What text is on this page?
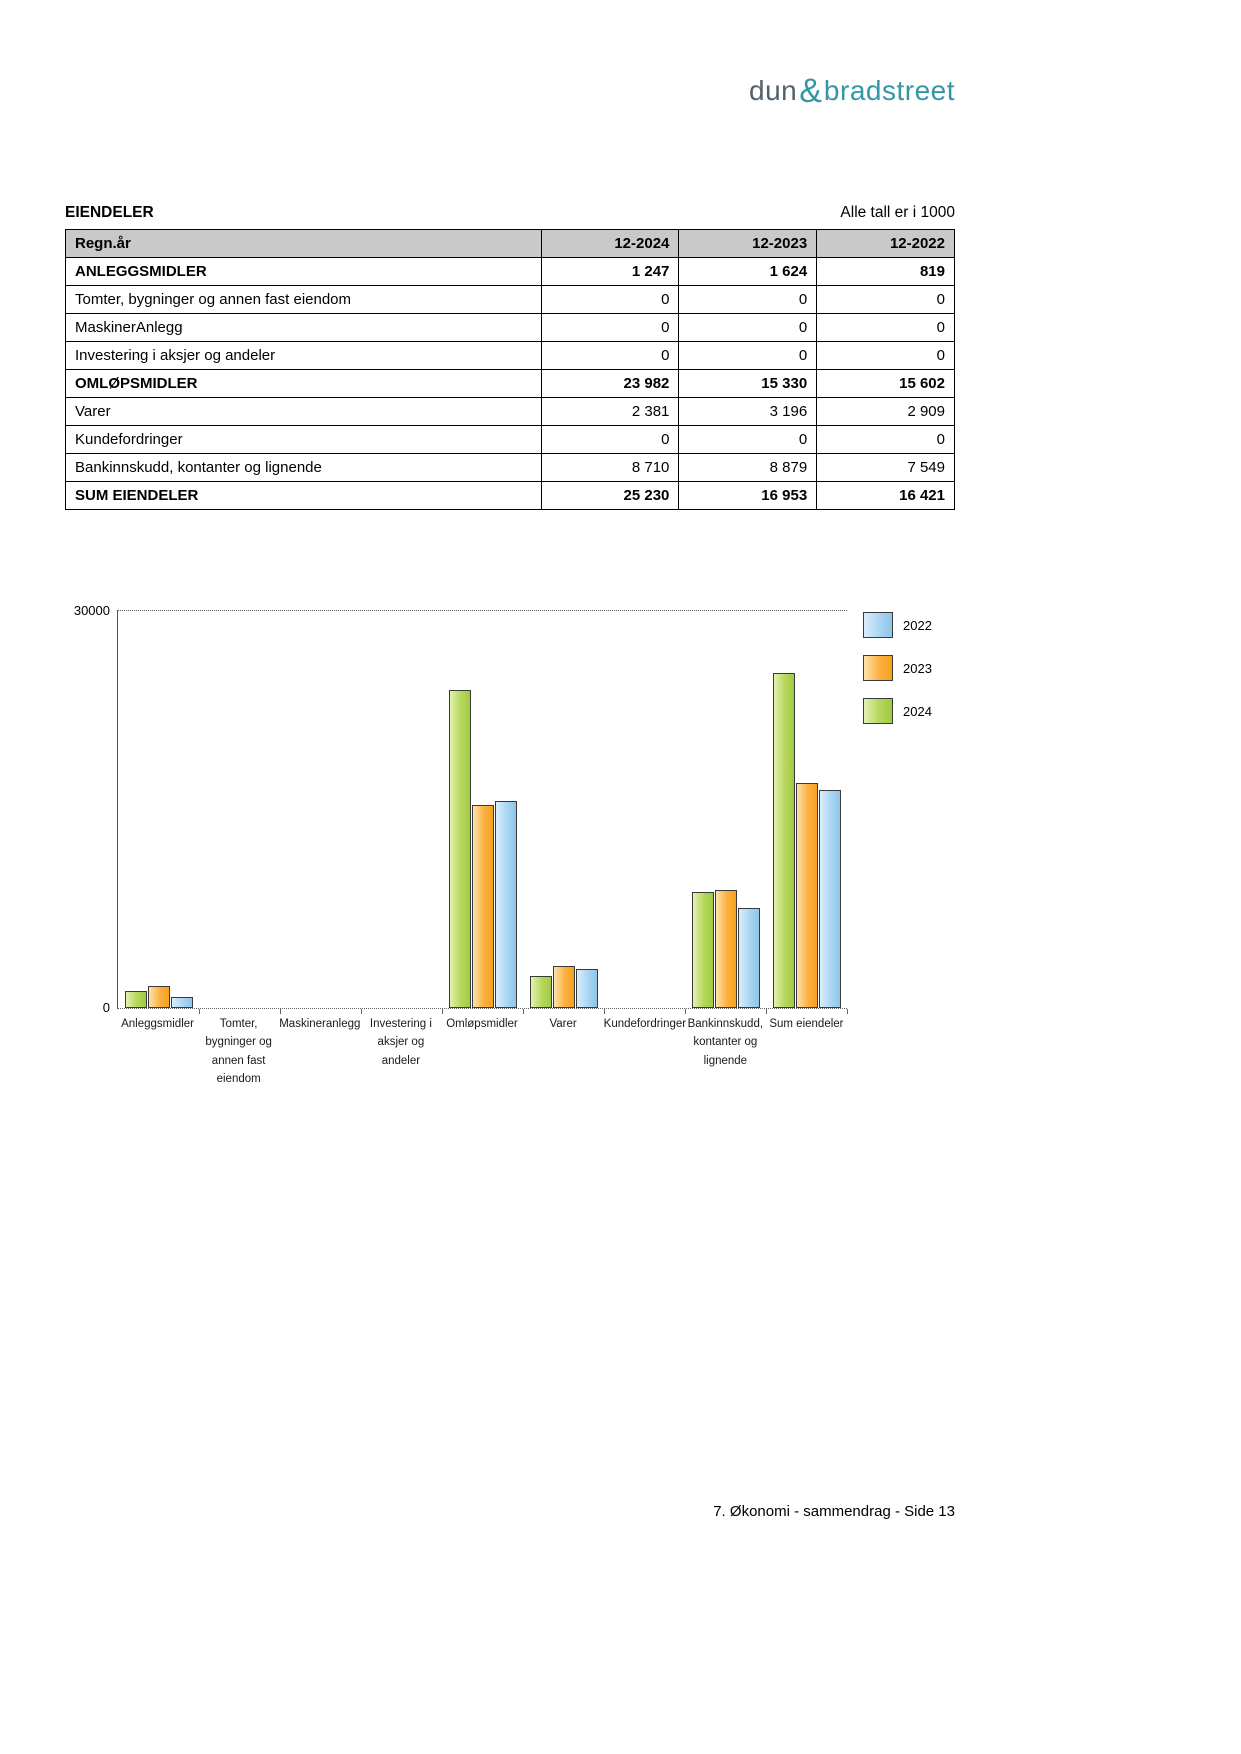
dun&bradstreet
EIENDELER	Alle tall er i 1000
Regn.år	12-2024	12-2023	12-2022
ANLEGGSMIDLER	1 247	1 624	819
Tomter, bygninger og annen fast eiendom	0	0	0
MaskinerAnlegg	0	0	0
Investering i aksjer og andeler	0	0	0
OMLØPSMIDLER	23 982	15 330	15 602
Varer	2 381	3 196	2 909
Kundefordringer	0	0	0
Bankinnskudd, kontanter og lignende	8 710	8 879	7 549
SUM EIENDELER	25 230	16 953	16 421
30000
0
Anleggsmidler	Tomter, bygninger og annen fast eiendom
Maskineranlegg Investering i aksjer og andeler
Omløpsmidler	Varer	Kundefordringer Bankinnskudd, kontanter og lignende
Sum eiendeler
2022
2023
2024
7. Økonomi - sammendrag - Side 13
